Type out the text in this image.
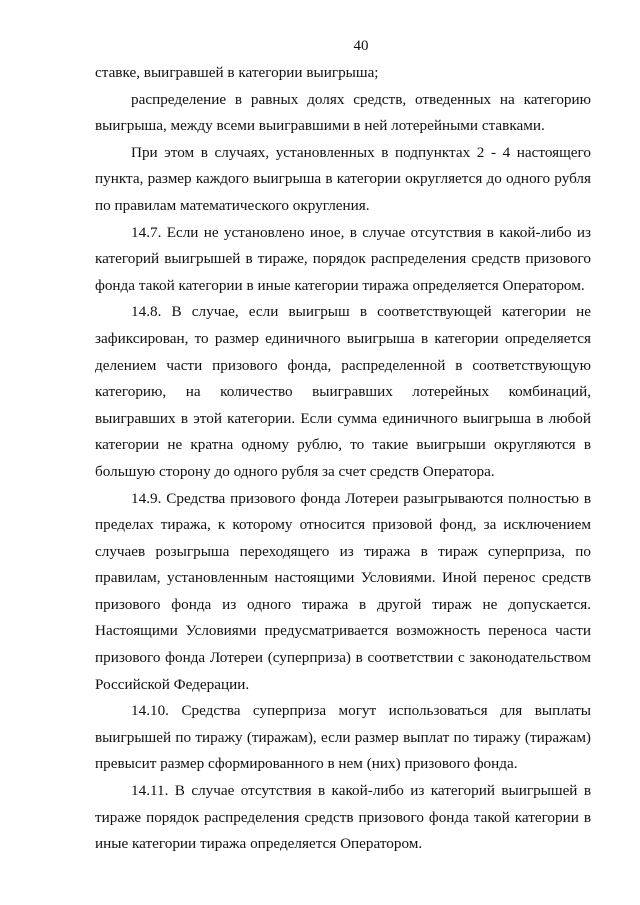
40

ставке, выигравшей в категории выигрыша;

распределение в равных долях средств, отведенных на категорию выигрыша, между всеми выигравшими в ней лотерейными ставками.

При этом в случаях, установленных в подпунктах 2 - 4 настоящего пункта, размер каждого выигрыша в категории округляется до одного рубля по правилам математического округления.

14.7. Если не установлено иное, в случае отсутствия в какой-либо из категорий выигрышей в тираже, порядок распределения средств призового фонда такой категории в иные категории тиража определяется Оператором.

14.8. В случае, если выигрыш в соответствующей категории не зафиксирован, то размер единичного выигрыша в категории определяется делением части призового фонда, распределенной в соответствующую категорию, на количество выигравших лотерейных комбинаций, выигравших в этой категории. Если сумма единичного выигрыша в любой категории не кратна одному рублю, то такие выигрыши округляются в большую сторону до одного рубля за счет средств Оператора.

14.9. Средства призового фонда Лотереи разыгрываются полностью в пределах тиража, к которому относится призовой фонд, за исключением случаев розыгрыша переходящего из тиража в тираж суперприза, по правилам, установленным настоящими Условиями. Иной перенос средств призового фонда из одного тиража в другой тираж не допускается. Настоящими Условиями предусматривается возможность переноса части призового фонда Лотереи (суперприза) в соответствии с законодательством Российской Федерации.

14.10. Средства суперприза могут использоваться для выплаты выигрышей по тиражу (тиражам), если размер выплат по тиражу (тиражам) превысит размер сформированного в нем (них) призового фонда.

14.11. В случае отсутствия в какой-либо из категорий выигрышей в тираже порядок распределения средств призового фонда такой категории в иные категории тиража определяется Оператором.
